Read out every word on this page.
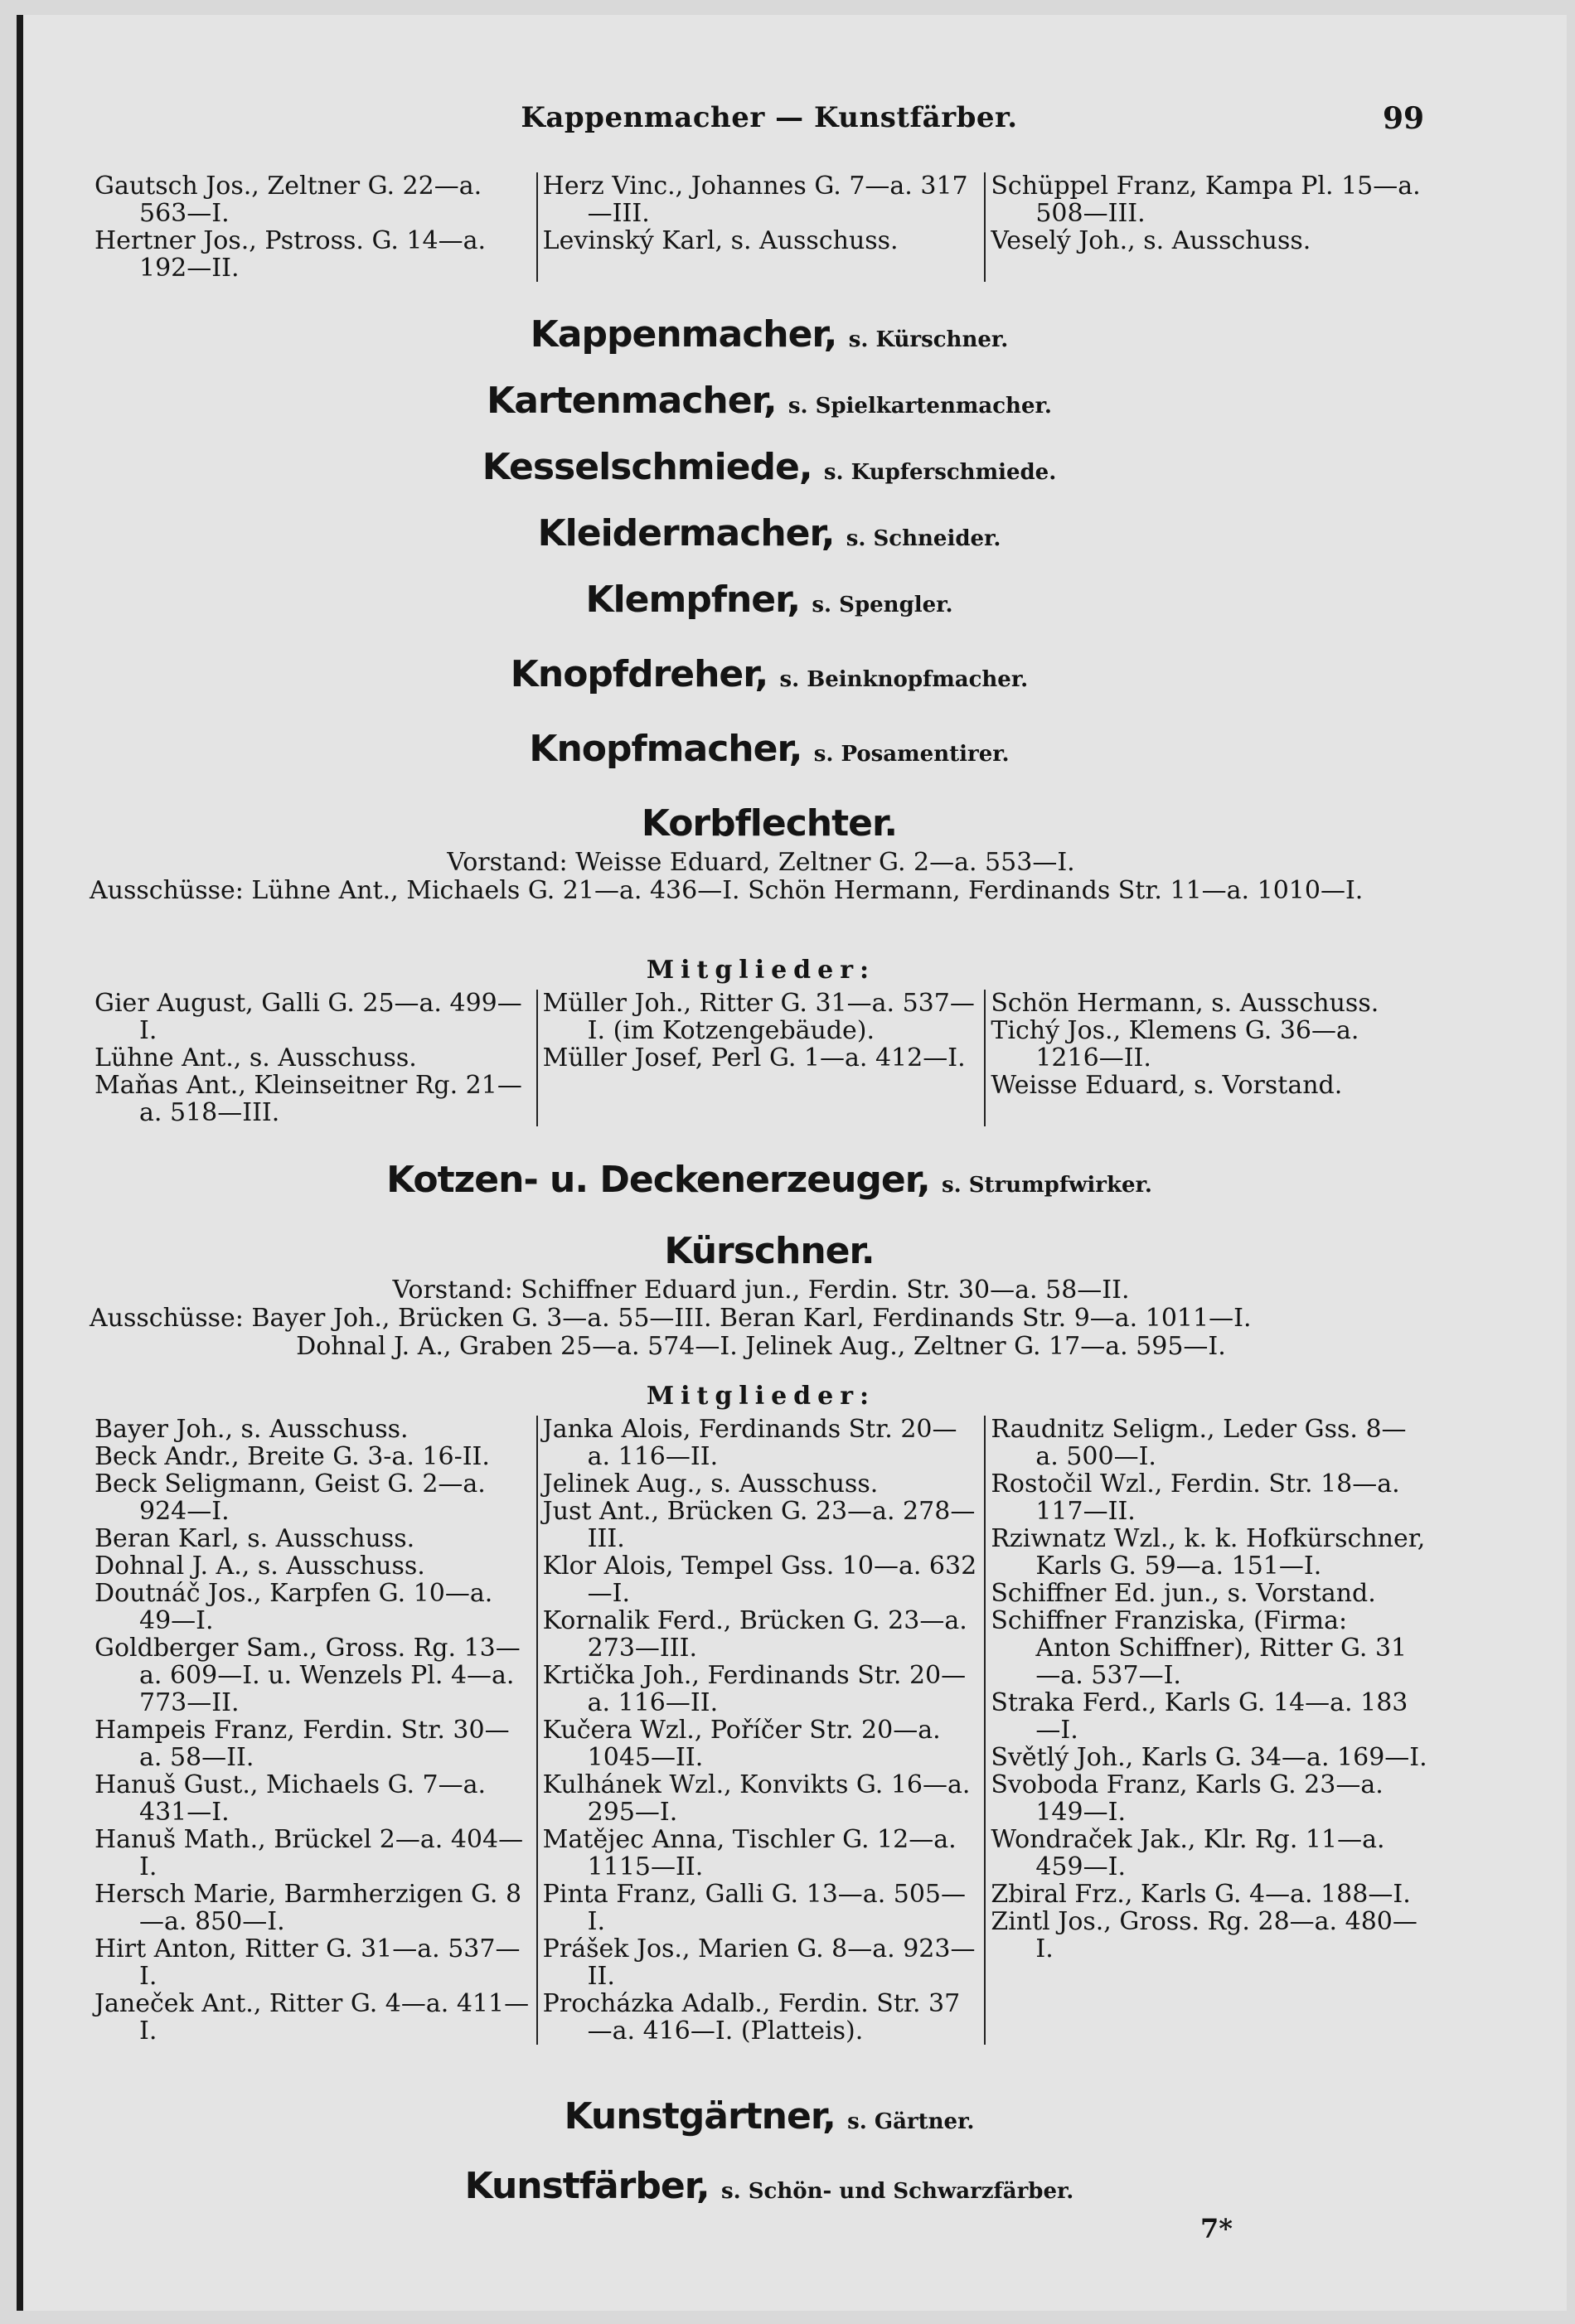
Kappenmacher — Kunstfärber.	99
Gautsch Jos., Zeltner G. 22—a. 563—I.
Hertner Jos., Pstross. G. 14—a. 192—II.
Herz Vinc., Johannes G. 7—a. 317—III.
Levinský Karl, s. Ausschuss.
Schüppel Franz, Kampa Pl. 15—a. 508—III.
Veselý Joh., s. Ausschuss.
Kappenmacher, s. Kürschner.
Kartenmacher, s. Spielkartenmacher.
Kesselschmiede, s. Kupferschmiede.
Kleidermacher, s. Schneider.
Klempfner, s. Spengler.
Knopfdreher, s. Beinknopfmacher.
Knopfmacher, s. Posamentirer.
Korbflechter.
Vorstand: Weisse Eduard, Zeltner G. 2—a. 553—I.
Ausschüsse: Lühne Ant., Michaels G. 21—a. 436—I. Schön Hermann, Ferdinands Str. 11—a. 1010—I.
Mitglieder:
Gier August, Galli G. 25—a. 499—I.
Lühne Ant., s. Ausschuss.
Maňas Ant., Kleinseitner Rg. 21—a. 518—III.
Müller Joh., Ritter G. 31—a. 537—I. (im Kotzengebäude).
Müller Josef, Perl G. 1—a. 412—I.
Schön Hermann, s. Ausschuss.
Tichý Jos., Klemens G. 36—a. 1216—II.
Weisse Eduard, s. Vorstand.
Kotzen- u. Deckenerzeuger, s. Strumpfwirker.
Kürschner.
Vorstand: Schiffner Eduard jun., Ferdin. Str. 30—a. 58—II.
Ausschüsse: Bayer Joh., Brücken G. 3—a. 55—III. Beran Karl, Ferdinands Str. 9—a. 1011—I.
Dohnal J. A., Graben 25—a. 574—I. Jelinek Aug., Zeltner G. 17—a. 595—I.
Mitglieder:
Bayer Joh., s. Ausschuss.
Beck Andr., Breite G. 3-a. 16-II.
Beck Seligmann, Geist G. 2—a. 924—I.
Beran Karl, s. Ausschuss.
Dohnal J. A., s. Ausschuss.
Doutnáč Jos., Karpfen G. 10—a. 49—I.
Goldberger Sam., Gross. Rg. 13—a. 609—I. u. Wenzels Pl. 4—a. 773—II.
Hampeis Franz, Ferdin. Str. 30—a. 58—II.
Hanuš Gust., Michaels G. 7—a. 431—I.
Hanuš Math., Brückel 2—a. 404—I.
Hersch Marie, Barmherzigen G. 8—a. 850—I.
Hirt Anton, Ritter G. 31—a. 537—I.
Janeček Ant., Ritter G. 4—a. 411—I.
Janka Alois, Ferdinands Str. 20—a. 116—II.
Jelinek Aug., s. Ausschuss.
Just Ant., Brücken G. 23—a. 278—III.
Klor Alois, Tempel Gss. 10—a. 632—I.
Kornalik Ferd., Brücken G. 23—a. 273—III.
Krtička Joh., Ferdinands Str. 20—a. 116—II.
Kučera Wzl., Poříčer Str. 20—a. 1045—II.
Kulhánek Wzl., Konvikts G. 16—a. 295—I.
Matějec Anna, Tischler G. 12—a. 1115—II.
Pinta Franz, Galli G. 13—a. 505—I.
Prášek Jos., Marien G. 8—a. 923—II.
Procházka Adalb., Ferdin. Str. 37—a. 416—I. (Platteis).
Raudnitz Seligm., Leder Gss. 8—a. 500—I.
Rostočil Wzl., Ferdin. Str. 18—a. 117—II.
Rziwnatz Wzl., k. k. Hofkürschner, Karls G. 59—a. 151—I.
Schiffner Ed. jun., s. Vorstand.
Schiffner Franziska, (Firma: Anton Schiffner), Ritter G. 31—a. 537—I.
Straka Ferd., Karls G. 14—a. 183—I.
Světlý Joh., Karls G. 34—a. 169—I.
Svoboda Franz, Karls G. 23—a. 149—I.
Wondraček Jak., Klr. Rg. 11—a. 459—I.
Zbiral Frz., Karls G. 4—a. 188—I.
Zintl Jos., Gross. Rg. 28—a. 480—I.
Kunstgärtner, s. Gärtner.
Kunstfärber, s. Schön- und Schwarzfärber.
7*
